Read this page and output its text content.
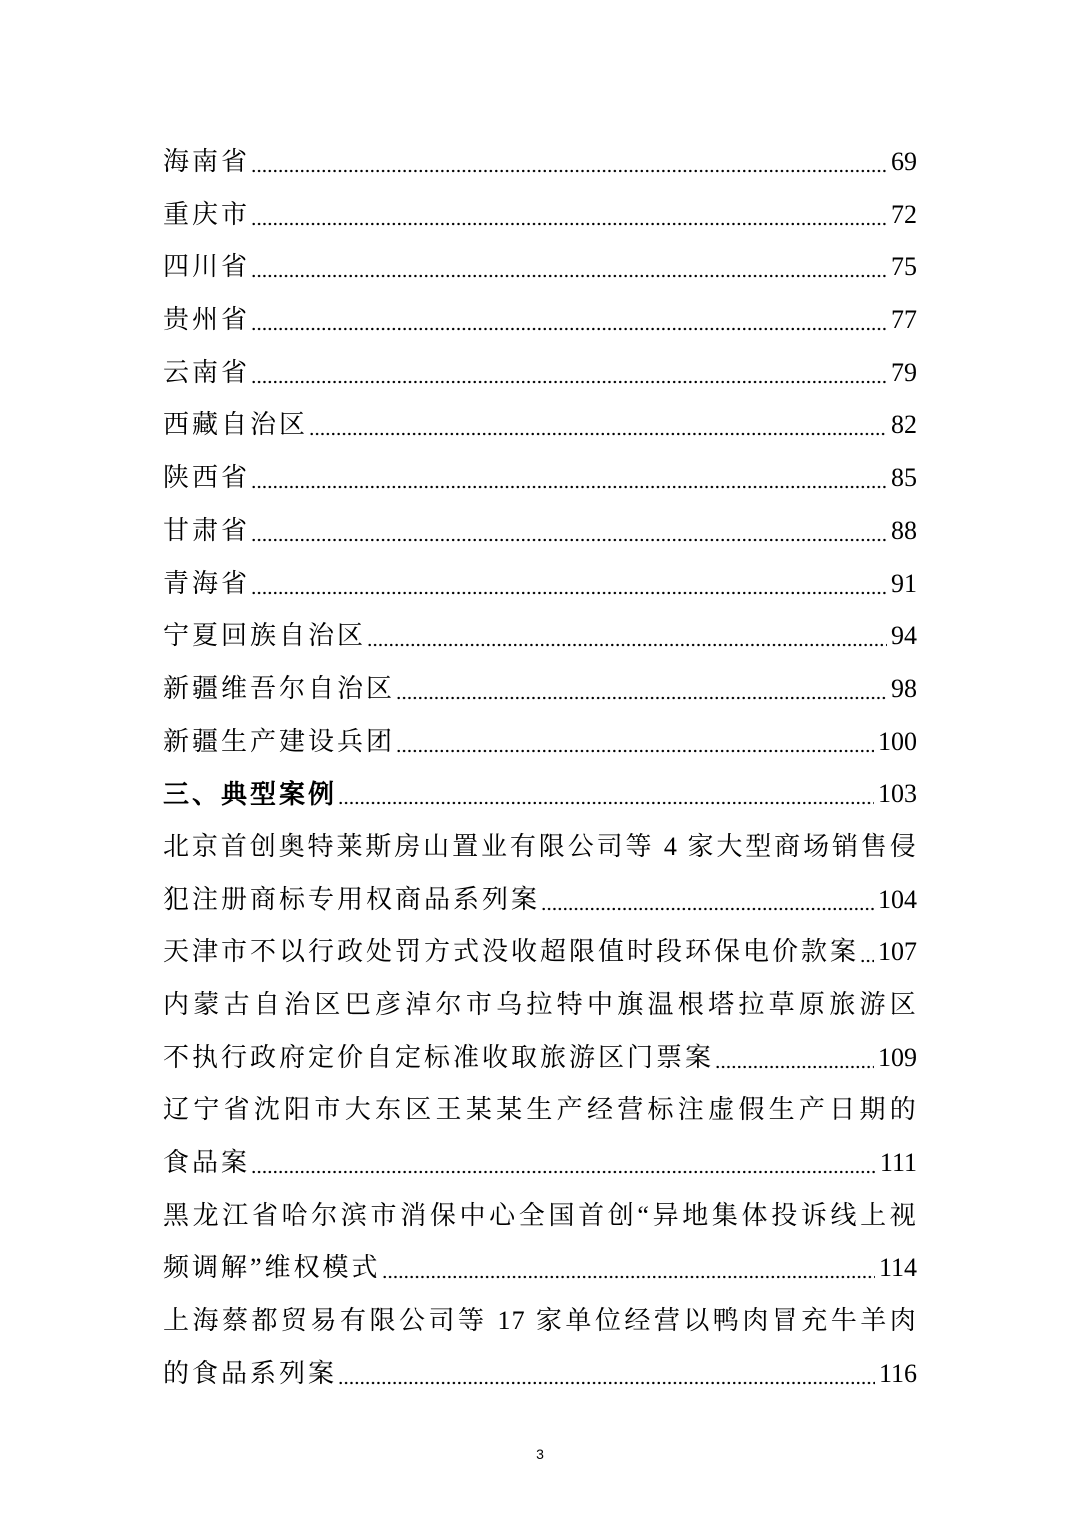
海南省	69
重庆市	72
四川省	75
贵州省	77
云南省	79
西藏自治区	82
陕西省	85
甘肃省	88
青海省	91
宁夏回族自治区	94
新疆维吾尔自治区	98
新疆生产建设兵团	100
三、典型案例	103
北京首创奥特莱斯房山置业有限公司等 4 家大型商场销售侵
犯注册商标专用权商品系列案	104
天津市不以行政处罚方式没收超限值时段环保电价款案 107
内蒙古自治区巴彦淖尔市乌拉特中旗温根塔拉草原旅游区
不执行政府定价自定标准收取旅游区门票案	109
辽宁省沈阳市大东区王某某生产经营标注虚假生产日期的
食品案	111
黑龙江省哈尔滨市消保中心全国首创“异地集体投诉线上视
频调解”维权模式	114
上海蔡都贸易有限公司等 17 家单位经营以鸭肉冒充牛羊肉
的食品系列案	116
3
